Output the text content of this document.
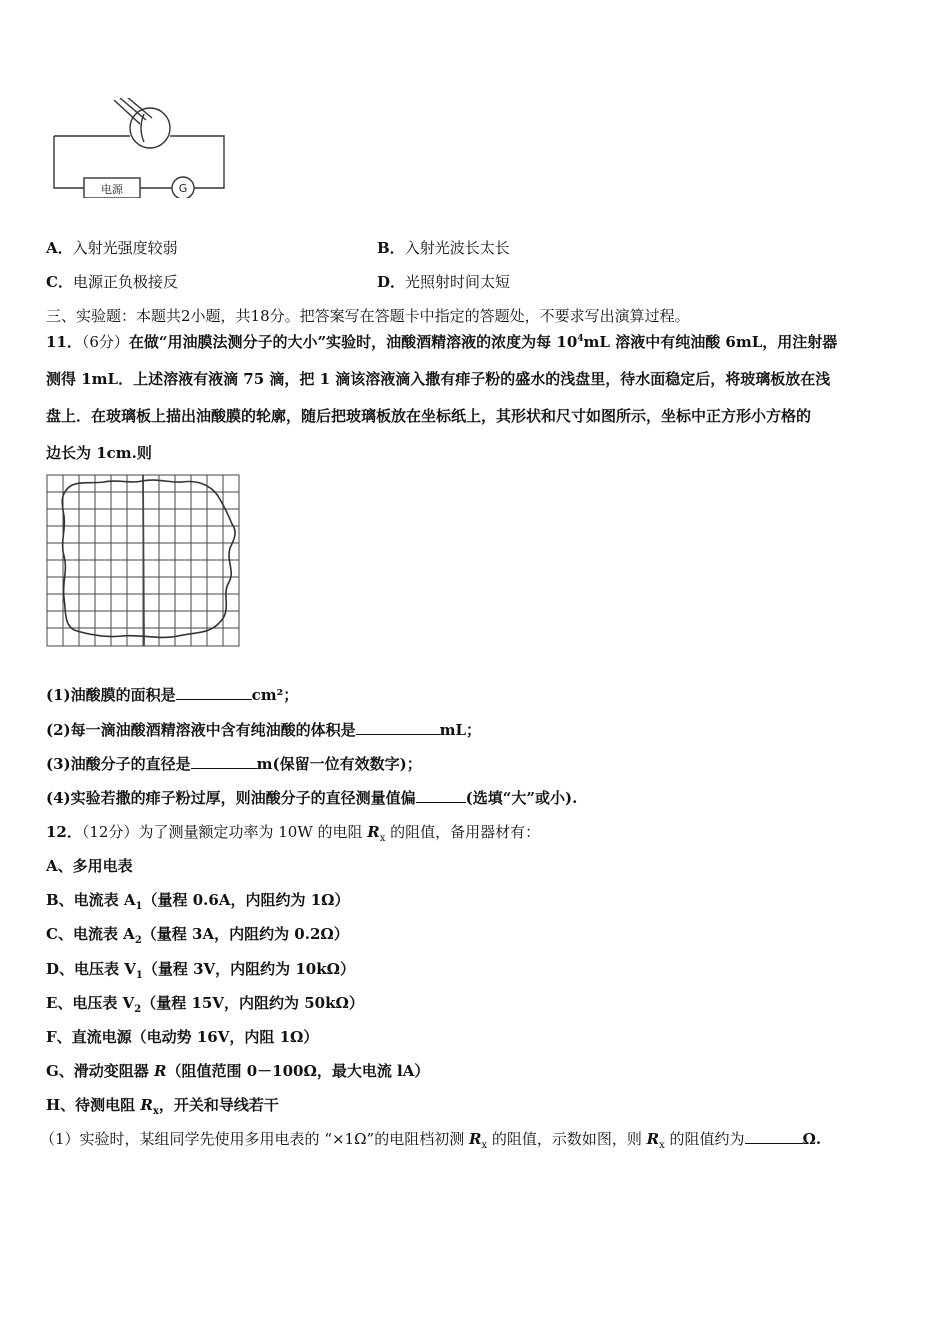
电源	G
A．入射光强度较弱	B．入射光波长太长
C．电源正负极接反	D．光照射时间太短
三、实验题：本题共2小题，共18分。把答案写在答题卡中指定的答题处，不要求写出演算过程。
11．（6分）在做“用油膜法测分子的大小”实验时，油酸酒精溶液的浓度为每 $10^4mL$ 溶液中有纯油酸 6mL，用注射器
测得 1mL．上述溶液有液滴 75 滴，把 1 滴该溶液滴入撒有痱子粉的盛水的浅盘里，待水面稳定后，将玻璃板放在浅
盘上．在玻璃板上描出油酸膜的轮廓，随后把玻璃板放在坐标纸上，其形状和尺寸如图所示，坐标中正方形小方格的
边长为 1cm.则
(1)油酸膜的面积是	cm²；
(2)每一滴油酸酒精溶液中含有纯油酸的体积是	mL；
(3)油酸分子的直径是	m(保留一位有效数字)；
(4)实验若撒的痱子粉过厚，则油酸分子的直径测量值偏	(选填“大”或小).
12．（12分）为了测量额定功率为 10W 的电阻 $R_x$ 的阻值，备用器材有：
A、多用电表
B、电流表 $A_1$（量程 0.6A，内阻约为 1Ω）
C、电流表 $A_2$（量程 3A，内阻约为 0.2Ω）
D、电压表 $V_1$（量程 3V，内阻约为 10kΩ）
E、电压表 $V_2$（量程 15V，内阻约为 50kΩ）
F、直流电源（电动势 16V，内阻 1Ω）
G、滑动变阻器 R（阻值范围 0－100Ω，最大电流 lA）
H、待测电阻 $R_x$，开关和导线若干
（1）实验时，某组同学先使用多用电表的 “×1Ω”的电阻档初测 $R_x$ 的阻值，示数如图，则 $R_x$ 的阻值约为	Ω.
